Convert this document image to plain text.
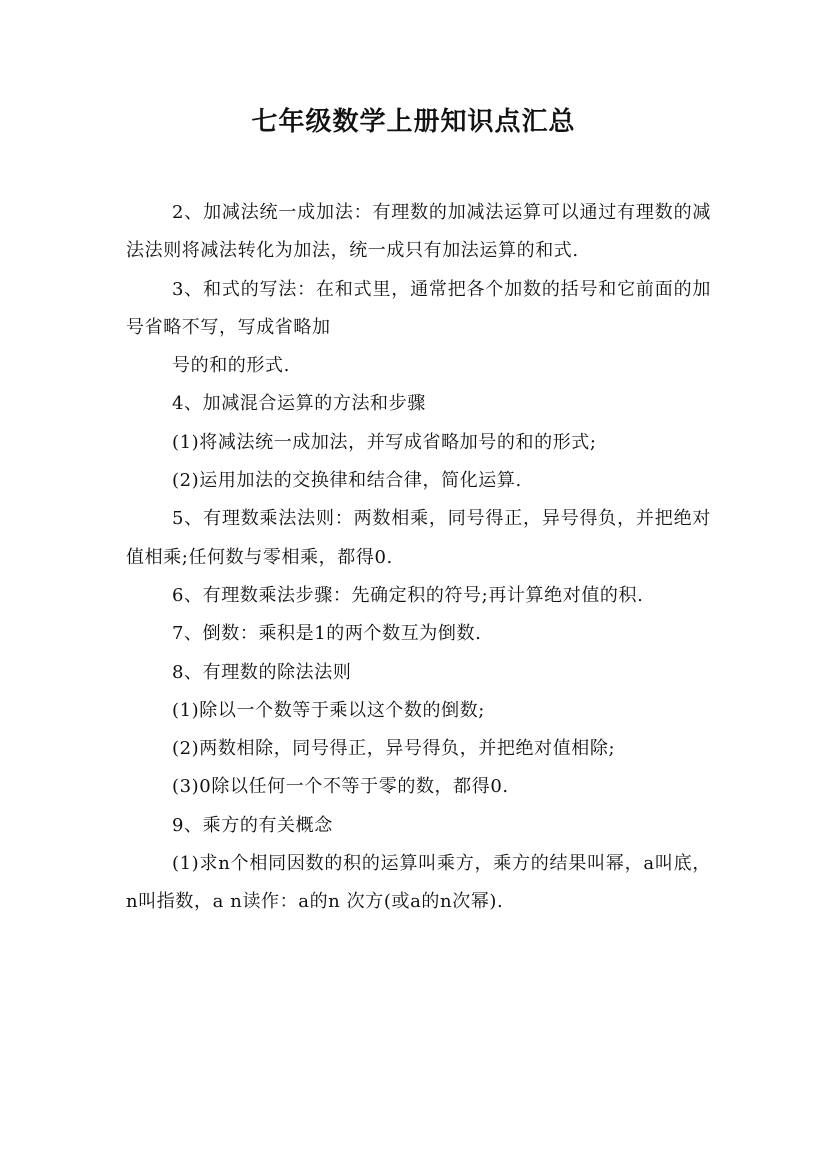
七年级数学上册知识点汇总

2、加减法统一成加法：有理数的加减法运算可以通过有理数的减法法则将减法转化为加法，统一成只有加法运算的和式.

3、和式的写法：在和式里，通常把各个加数的括号和它前面的加号省略不写，写成省略加

号的和的形式.

4、加减混合运算的方法和步骤

(1)将减法统一成加法，并写成省略加号的和的形式;

(2)运用加法的交换律和结合律，简化运算.

5、有理数乘法法则：两数相乘，同号得正，异号得负，并把绝对值相乘;任何数与零相乘，都得0.

6、有理数乘法步骤：先确定积的符号;再计算绝对值的积.

7、倒数：乘积是1的两个数互为倒数.

8、有理数的除法法则

(1)除以一个数等于乘以这个数的倒数;

(2)两数相除，同号得正，异号得负，并把绝对值相除;

(3)0除以任何一个不等于零的数，都得0.

9、乘方的有关概念

(1)求n个相同因数的积的运算叫乘方，乘方的结果叫幂，a叫底，n叫指数，a n读作：a的n 次方(或a的n次幂).
